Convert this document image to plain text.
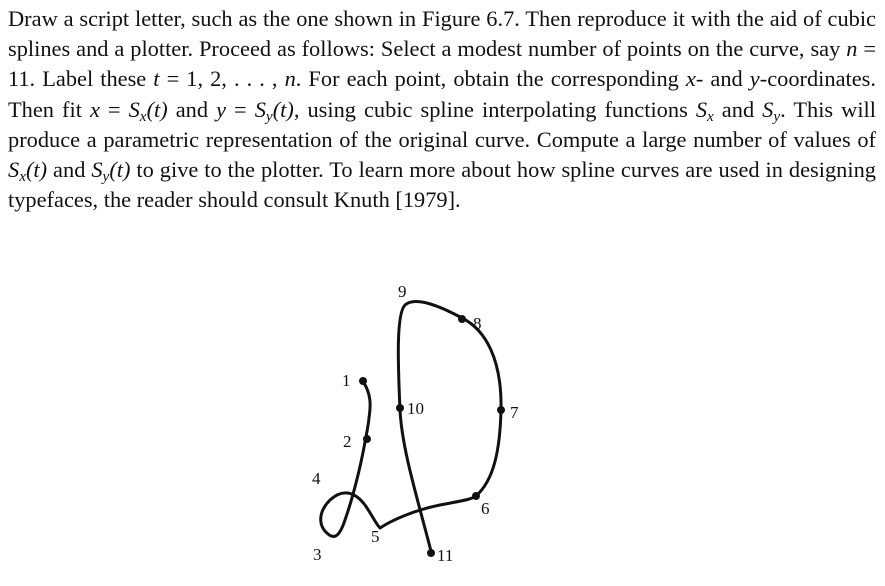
Draw a script letter, such as the one shown in Figure 6.7. Then reproduce it with the aid of cubic splines and a plotter. Proceed as follows: Select a modest number of points on the curve, say n = 11. Label these t = 1, 2, . . . , n. For each point, obtain the corresponding x- and y-coordinates. Then fit $x = S_x(t)$ and $y = S_y(t)$, using cubic spline interpolating functions $S_x$ and $S_y$. This will produce a parametric representation of the original curve. Compute a large number of values of $S_x(t)$ and $S_y(t)$ to give to the plotter. To learn more about how spline curves are used in designing typefaces, the reader should consult Knuth [1979].

1
2
3
4
5
6
7
8
9
10
11
